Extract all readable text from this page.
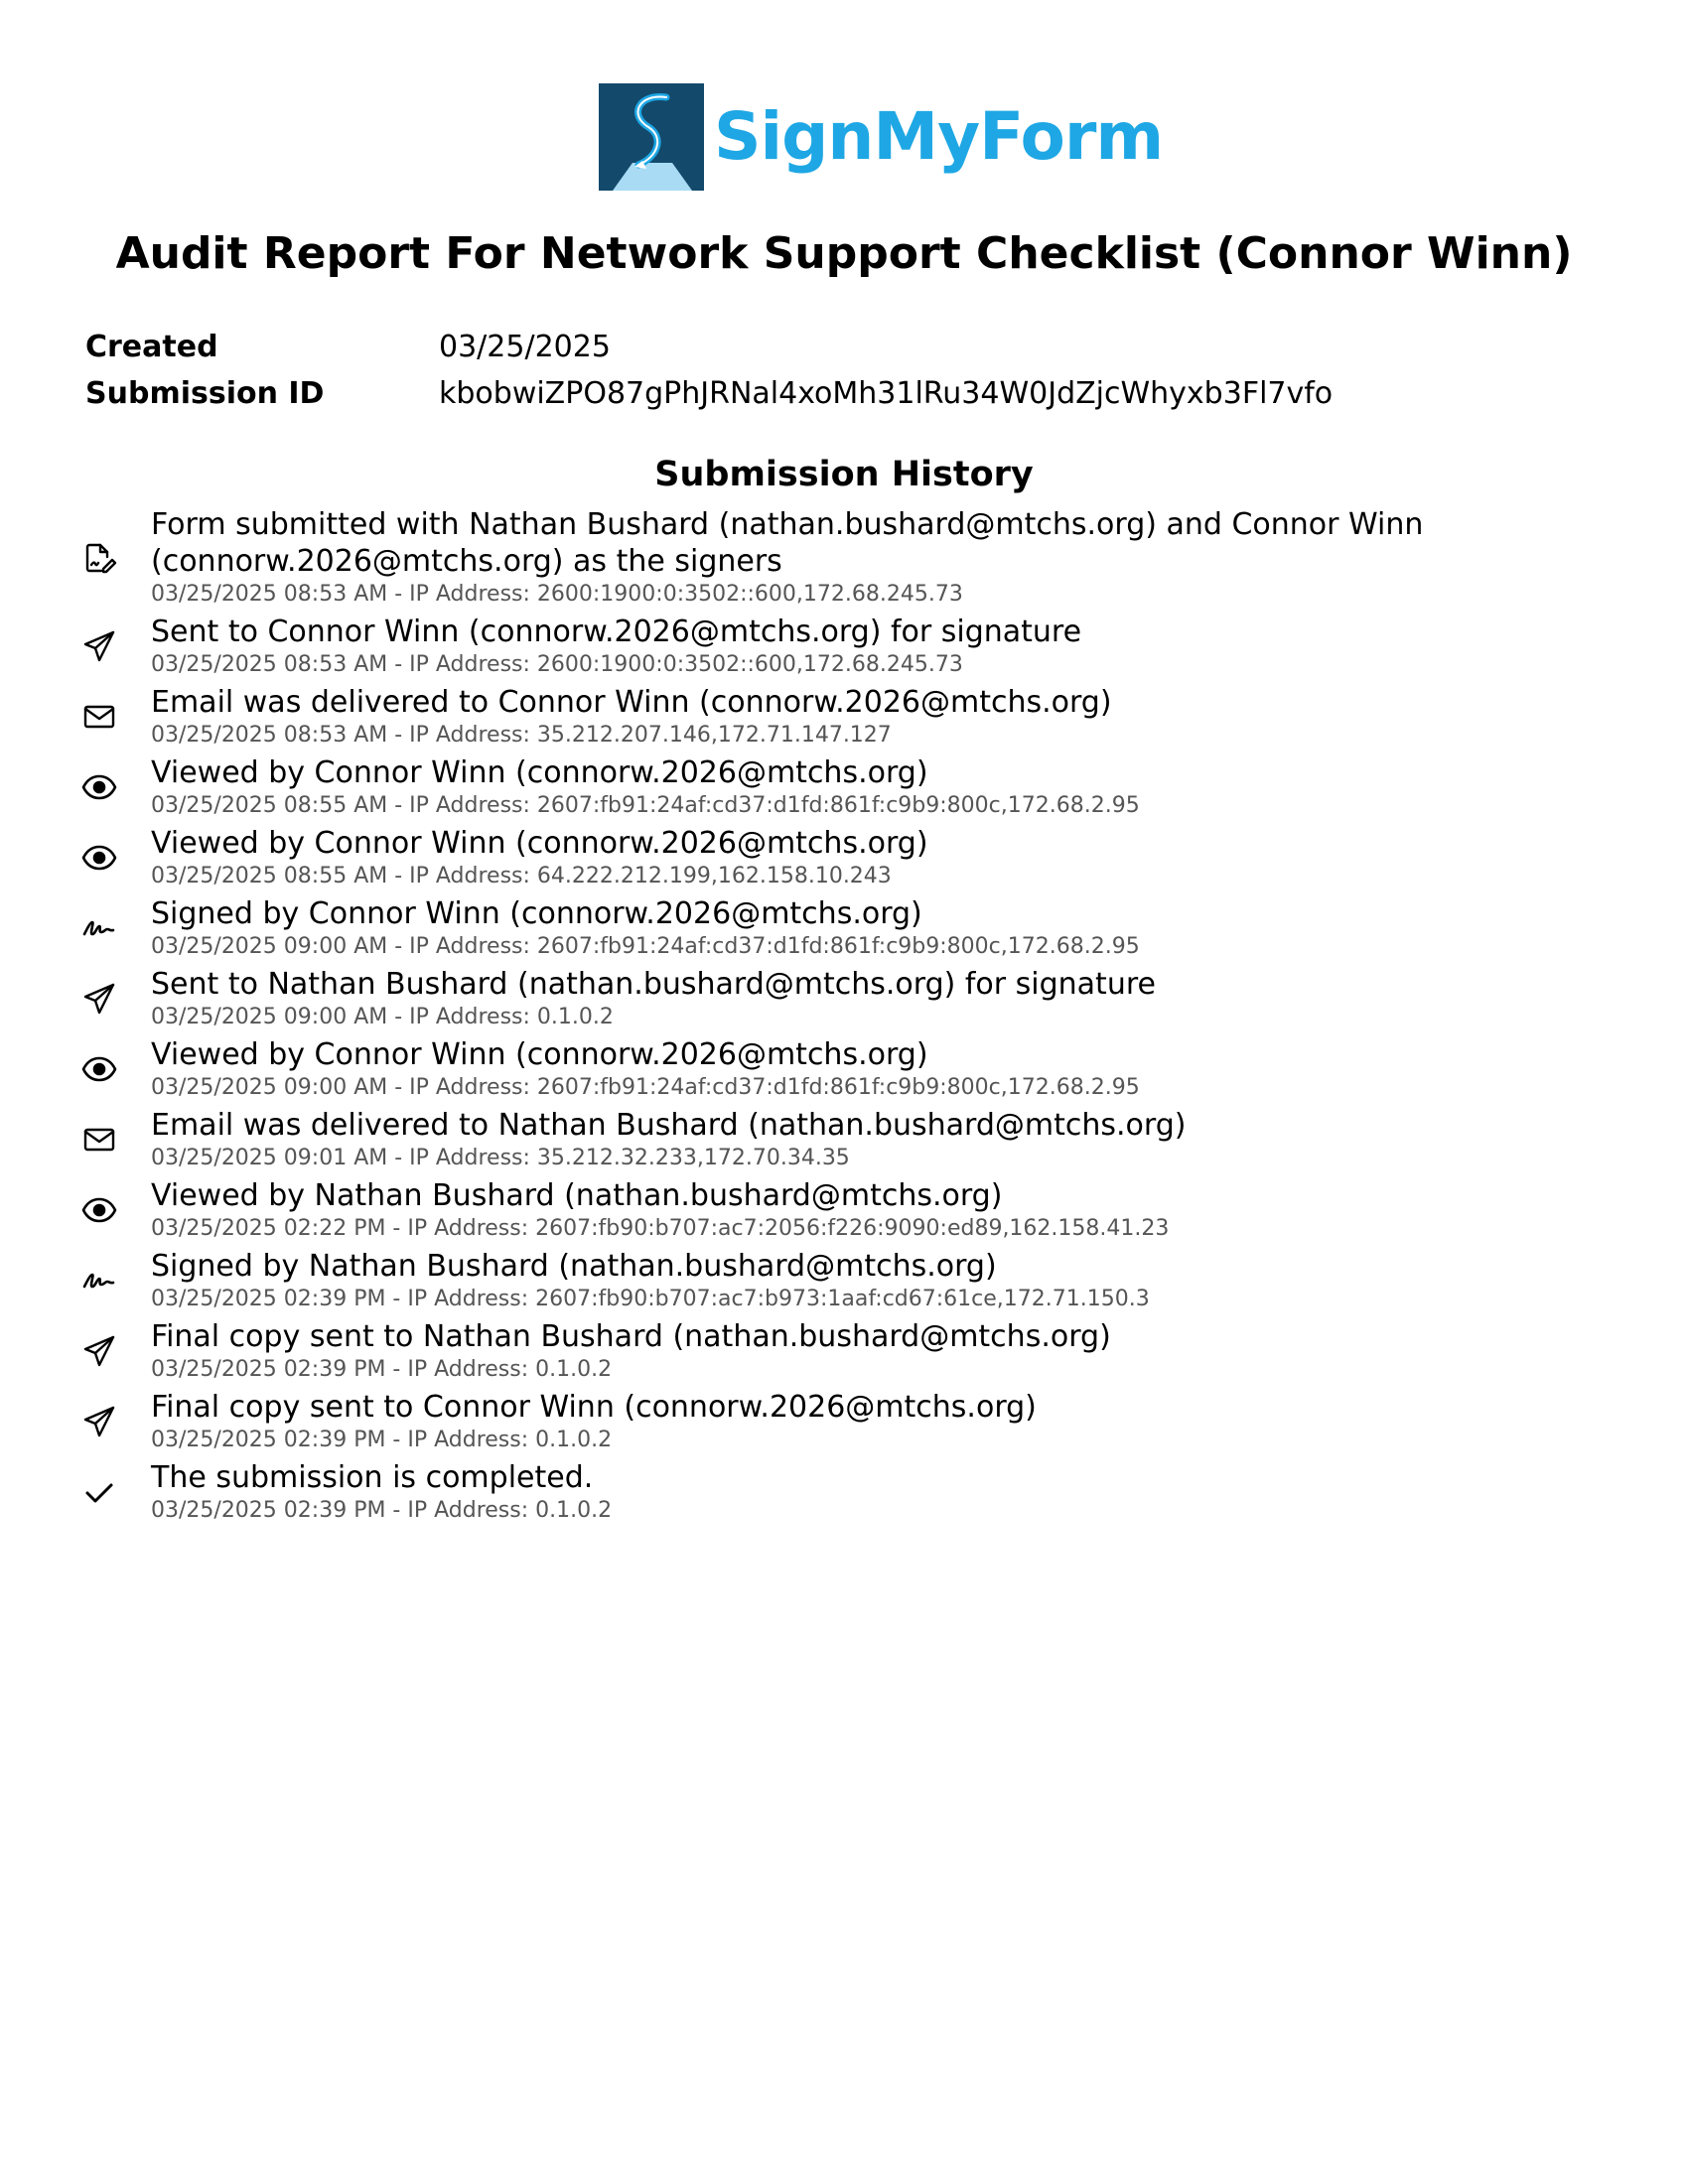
SignMyForm
Audit Report For Network Support Checklist (Connor Winn)
Created	03/25/2025
Submission ID	kbobwiZPO87gPhJRNal4xoMh31lRu34W0JdZjcWhyxb3Fl7vfo
Submission History
Form submitted with Nathan Bushard (nathan.bushard@mtchs.org) and Connor Winn (connorw.2026@mtchs.org) as the signers
03/25/2025 08:53 AM - IP Address: 2600:1900:0:3502::600,172.68.245.73
Sent to Connor Winn (connorw.2026@mtchs.org) for signature
03/25/2025 08:53 AM - IP Address: 2600:1900:0:3502::600,172.68.245.73
Email was delivered to Connor Winn (connorw.2026@mtchs.org)
03/25/2025 08:53 AM - IP Address: 35.212.207.146,172.71.147.127
Viewed by Connor Winn (connorw.2026@mtchs.org)
03/25/2025 08:55 AM - IP Address: 2607:fb91:24af:cd37:d1fd:861f:c9b9:800c,172.68.2.95
Viewed by Connor Winn (connorw.2026@mtchs.org)
03/25/2025 08:55 AM - IP Address: 64.222.212.199,162.158.10.243
Signed by Connor Winn (connorw.2026@mtchs.org)
03/25/2025 09:00 AM - IP Address: 2607:fb91:24af:cd37:d1fd:861f:c9b9:800c,172.68.2.95
Sent to Nathan Bushard (nathan.bushard@mtchs.org) for signature
03/25/2025 09:00 AM - IP Address: 0.1.0.2
Viewed by Connor Winn (connorw.2026@mtchs.org)
03/25/2025 09:00 AM - IP Address: 2607:fb91:24af:cd37:d1fd:861f:c9b9:800c,172.68.2.95
Email was delivered to Nathan Bushard (nathan.bushard@mtchs.org)
03/25/2025 09:01 AM - IP Address: 35.212.32.233,172.70.34.35
Viewed by Nathan Bushard (nathan.bushard@mtchs.org)
03/25/2025 02:22 PM - IP Address: 2607:fb90:b707:ac7:2056:f226:9090:ed89,162.158.41.23
Signed by Nathan Bushard (nathan.bushard@mtchs.org)
03/25/2025 02:39 PM - IP Address: 2607:fb90:b707:ac7:b973:1aaf:cd67:61ce,172.71.150.3
Final copy sent to Nathan Bushard (nathan.bushard@mtchs.org)
03/25/2025 02:39 PM - IP Address: 0.1.0.2
Final copy sent to Connor Winn (connorw.2026@mtchs.org)
03/25/2025 02:39 PM - IP Address: 0.1.0.2
The submission is completed.
03/25/2025 02:39 PM - IP Address: 0.1.0.2
